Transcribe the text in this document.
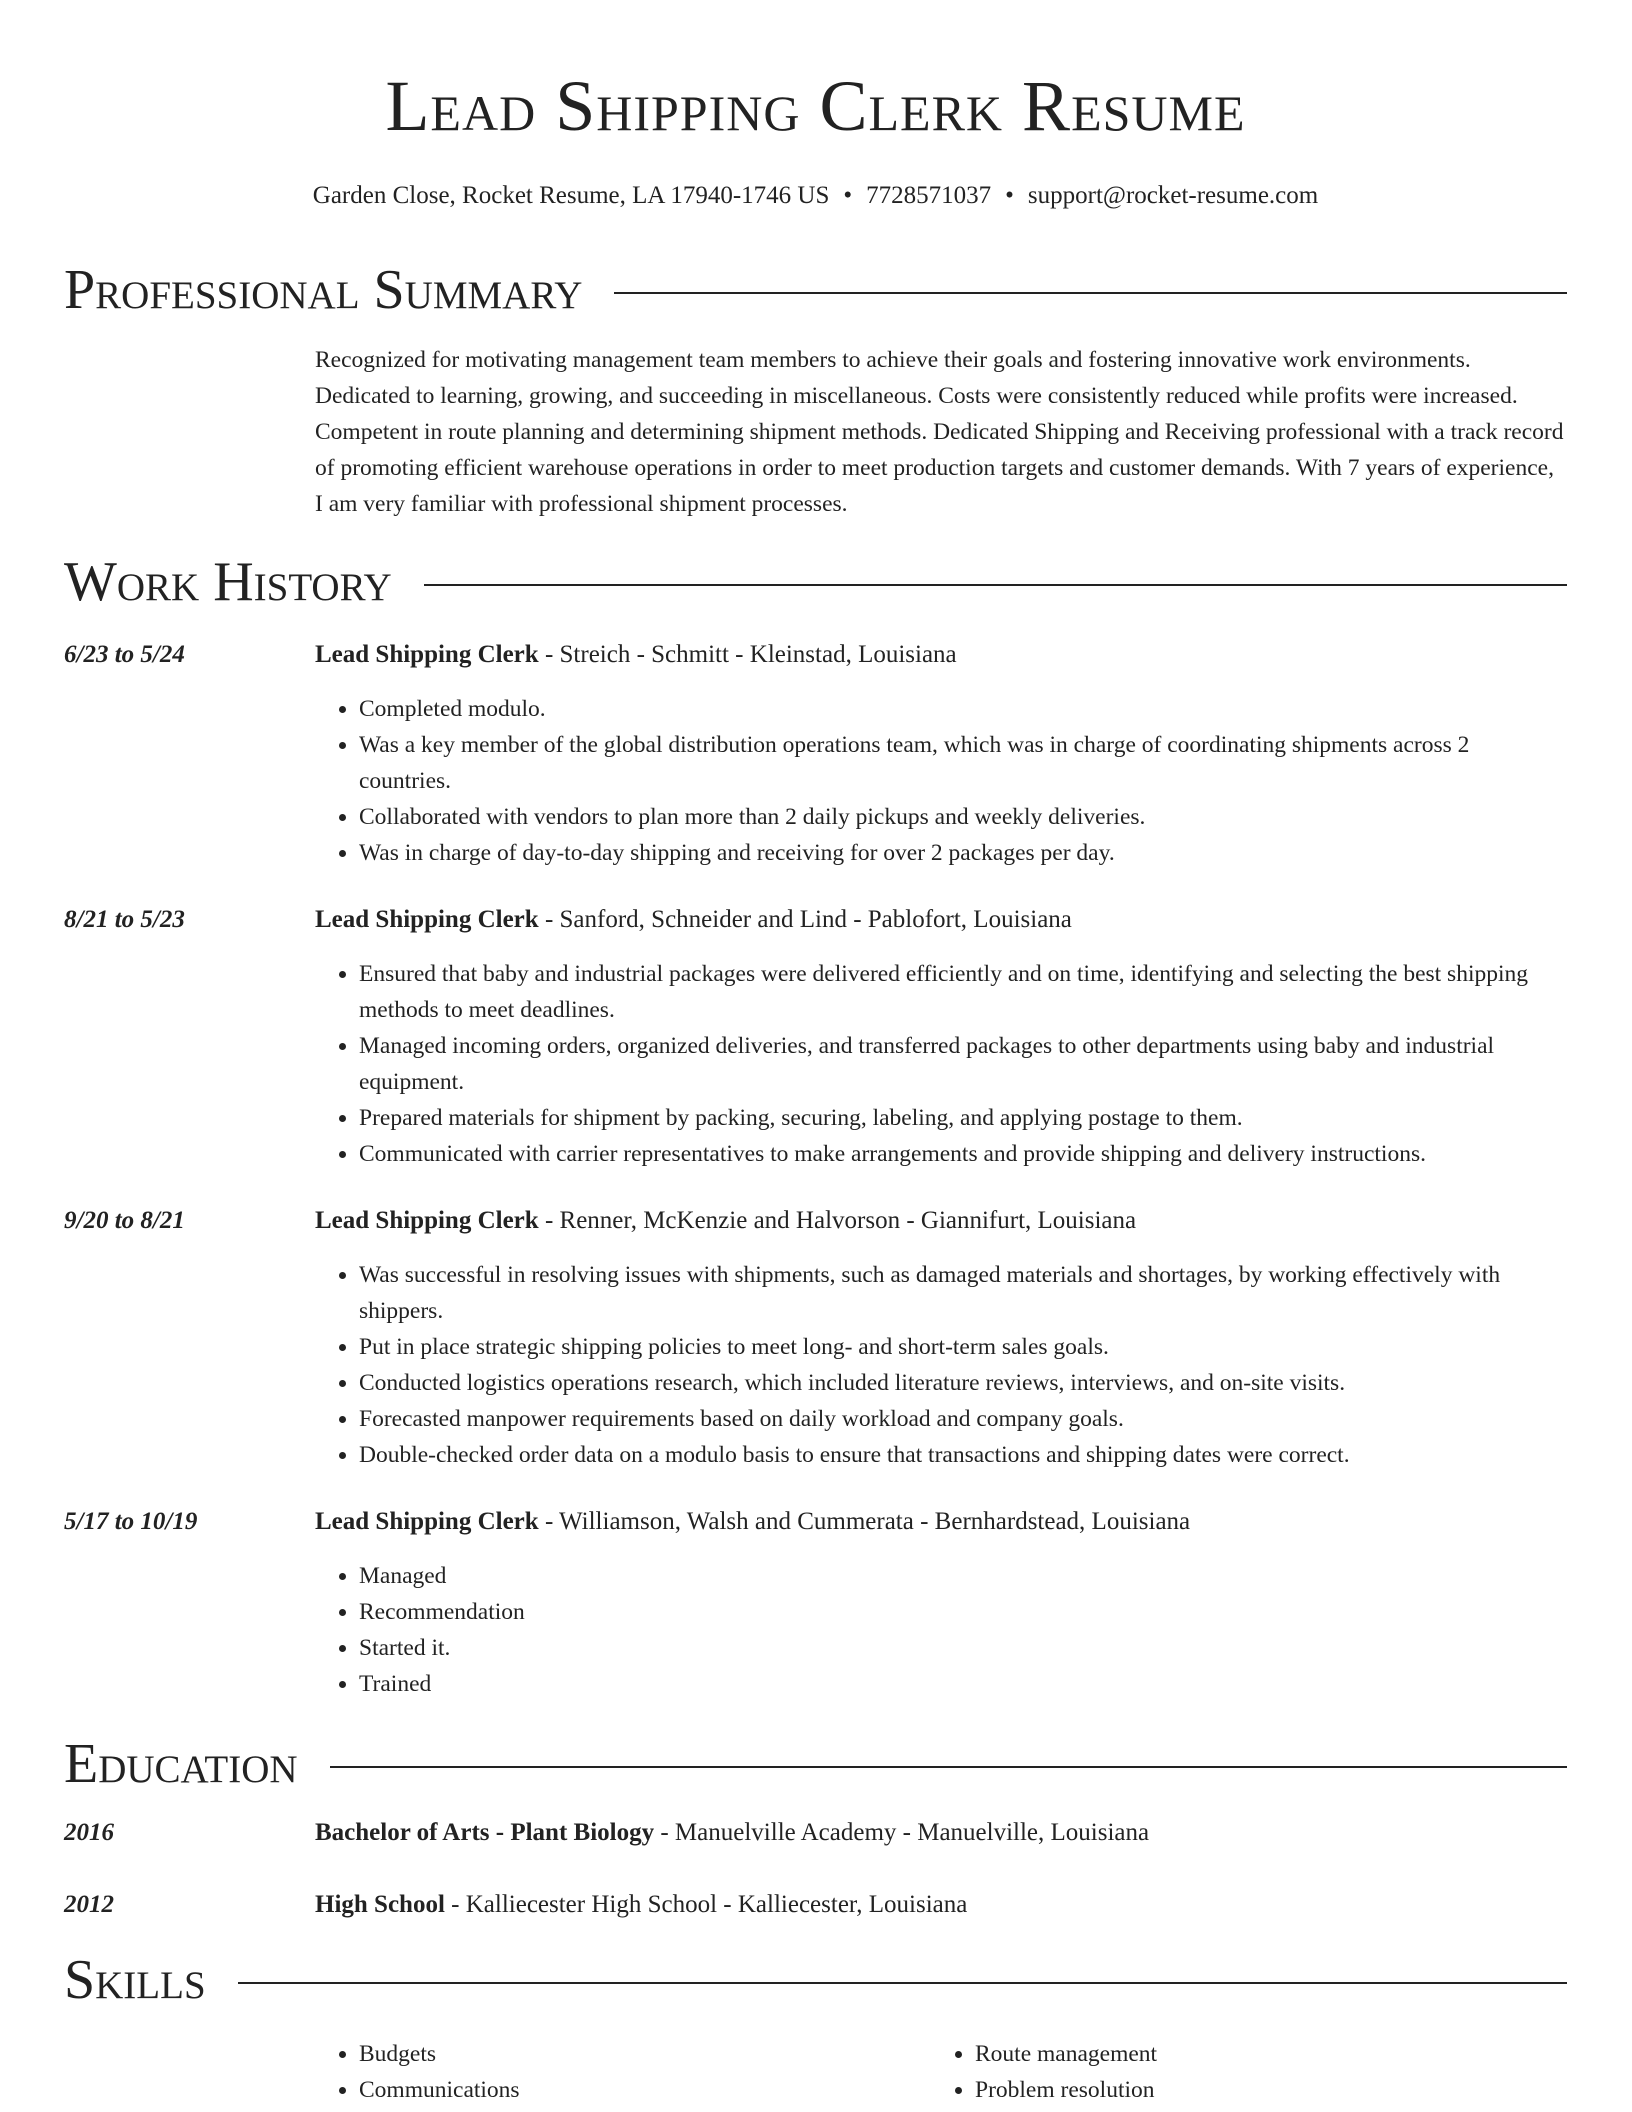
Lead Shipping Clerk Resume
Garden Close, Rocket Resume, LA 17940-1746 US • 7728571037 • support@rocket-resume.com
Professional Summary
Recognized for motivating management team members to achieve their goals and fostering innovative work environments. Dedicated to learning, growing, and succeeding in miscellaneous. Costs were consistently reduced while profits were increased. Competent in route planning and determining shipment methods. Dedicated Shipping and Receiving professional with a track record of promoting efficient warehouse operations in order to meet production targets and customer demands. With 7 years of experience, I am very familiar with professional shipment processes.
Work History
6/23 to 5/24	Lead Shipping Clerk - Streich - Schmitt - Kleinstad, Louisiana
• Completed modulo.
• Was a key member of the global distribution operations team, which was in charge of coordinating shipments across 2 countries.
• Collaborated with vendors to plan more than 2 daily pickups and weekly deliveries.
• Was in charge of day-to-day shipping and receiving for over 2 packages per day.
8/21 to 5/23	Lead Shipping Clerk - Sanford, Schneider and Lind - Pablofort, Louisiana
• Ensured that baby and industrial packages were delivered efficiently and on time, identifying and selecting the best shipping methods to meet deadlines.
• Managed incoming orders, organized deliveries, and transferred packages to other departments using baby and industrial equipment.
• Prepared materials for shipment by packing, securing, labeling, and applying postage to them.
• Communicated with carrier representatives to make arrangements and provide shipping and delivery instructions.
9/20 to 8/21	Lead Shipping Clerk - Renner, McKenzie and Halvorson - Giannifurt, Louisiana
• Was successful in resolving issues with shipments, such as damaged materials and shortages, by working effectively with shippers.
• Put in place strategic shipping policies to meet long- and short-term sales goals.
• Conducted logistics operations research, which included literature reviews, interviews, and on-site visits.
• Forecasted manpower requirements based on daily workload and company goals.
• Double-checked order data on a modulo basis to ensure that transactions and shipping dates were correct.
5/17 to 10/19	Lead Shipping Clerk - Williamson, Walsh and Cummerata - Bernhardstead, Louisiana
• Managed
• Recommendation
• Started it.
• Trained
Education
2016	Bachelor of Arts - Plant Biology - Manuelville Academy - Manuelville, Louisiana
2012	High School - Kalliecester High School - Kalliecester, Louisiana
Skills
• Budgets
• Communications
• Route management
• Problem resolution
